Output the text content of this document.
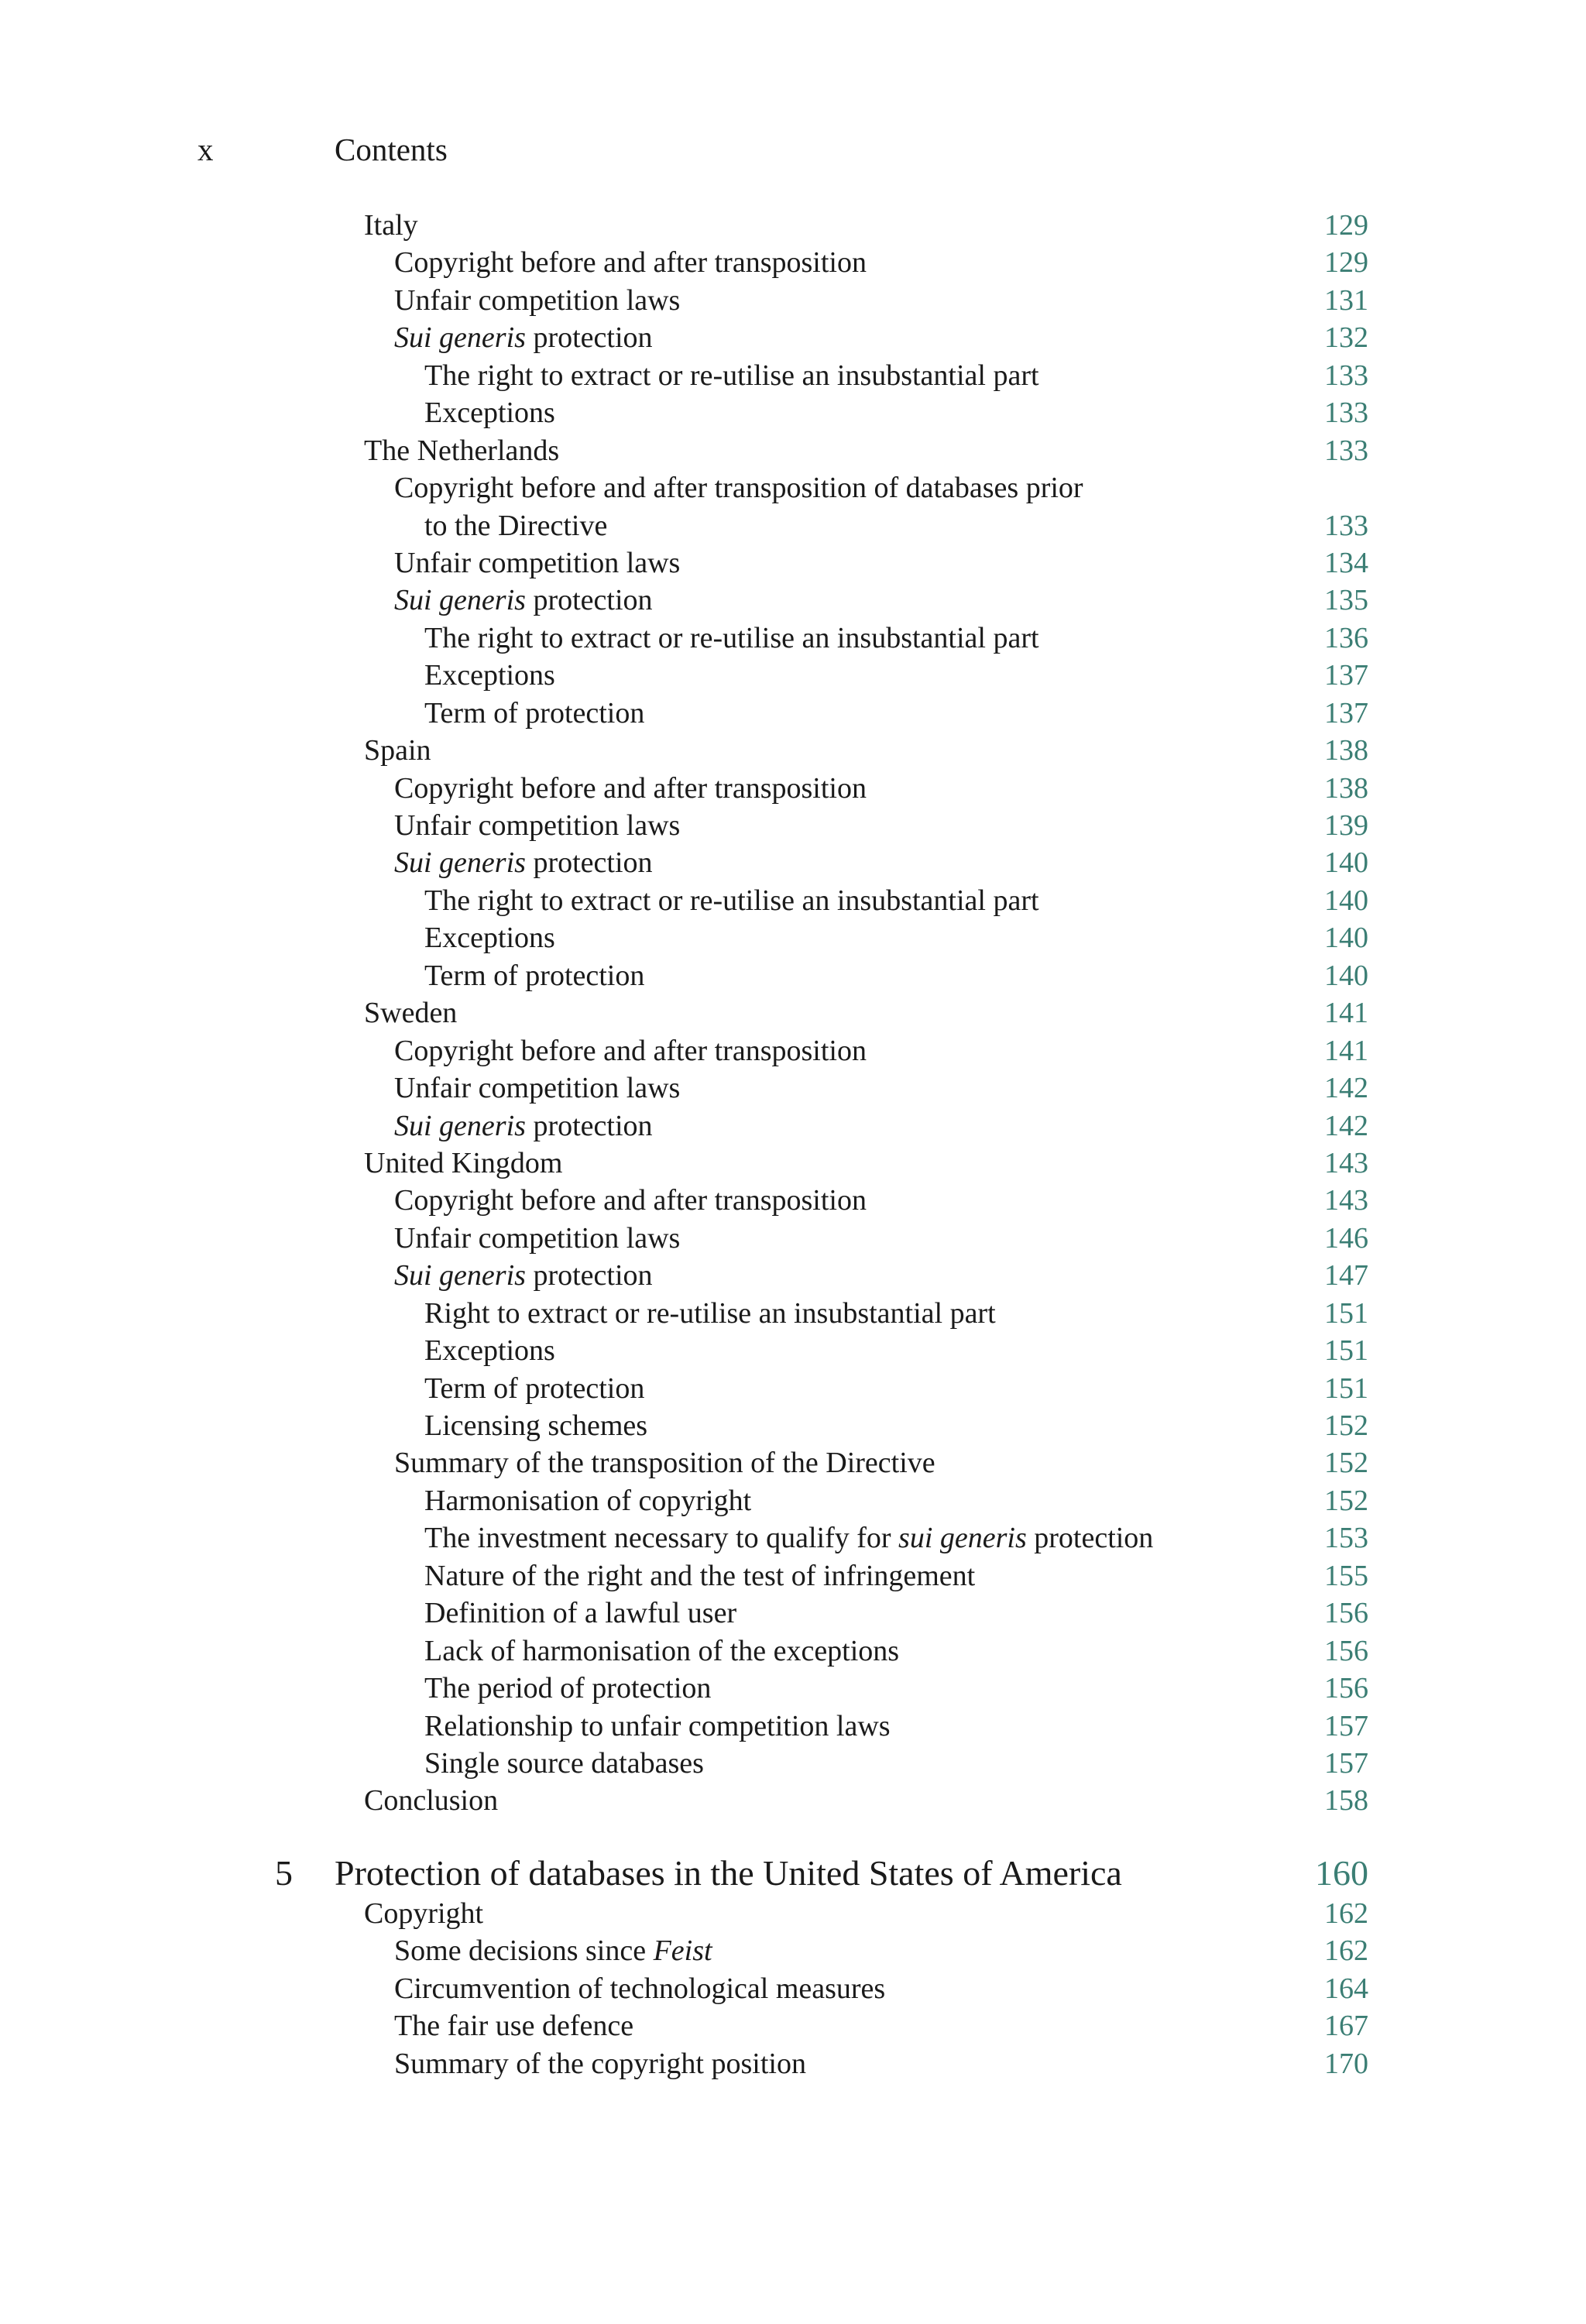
x	Contents
Italy	129
Copyright before and after transposition	129
Unfair competition laws	131
Sui generis protection	132
The right to extract or re-utilise an insubstantial part	133
Exceptions	133
The Netherlands	133
Copyright before and after transposition of databases prior
to the Directive	133
Unfair competition laws	134
Sui generis protection	135
The right to extract or re-utilise an insubstantial part	136
Exceptions	137
Term of protection	137
Spain	138
Copyright before and after transposition	138
Unfair competition laws	139
Sui generis protection	140
The right to extract or re-utilise an insubstantial part	140
Exceptions	140
Term of protection	140
Sweden	141
Copyright before and after transposition	141
Unfair competition laws	142
Sui generis protection	142
United Kingdom	143
Copyright before and after transposition	143
Unfair competition laws	146
Sui generis protection	147
Right to extract or re-utilise an insubstantial part	151
Exceptions	151
Term of protection	151
Licensing schemes	152
Summary of the transposition of the Directive	152
Harmonisation of copyright	152
The investment necessary to qualify for sui generis protection	153
Nature of the right and the test of infringement	155
Definition of a lawful user	156
Lack of harmonisation of the exceptions	156
The period of protection	156
Relationship to unfair competition laws	157
Single source databases	157
Conclusion	158
5 Protection of databases in the United States of America	160
Copyright	162
Some decisions since Feist	162
Circumvention of technological measures	164
The fair use defence	167
Summary of the copyright position	170
